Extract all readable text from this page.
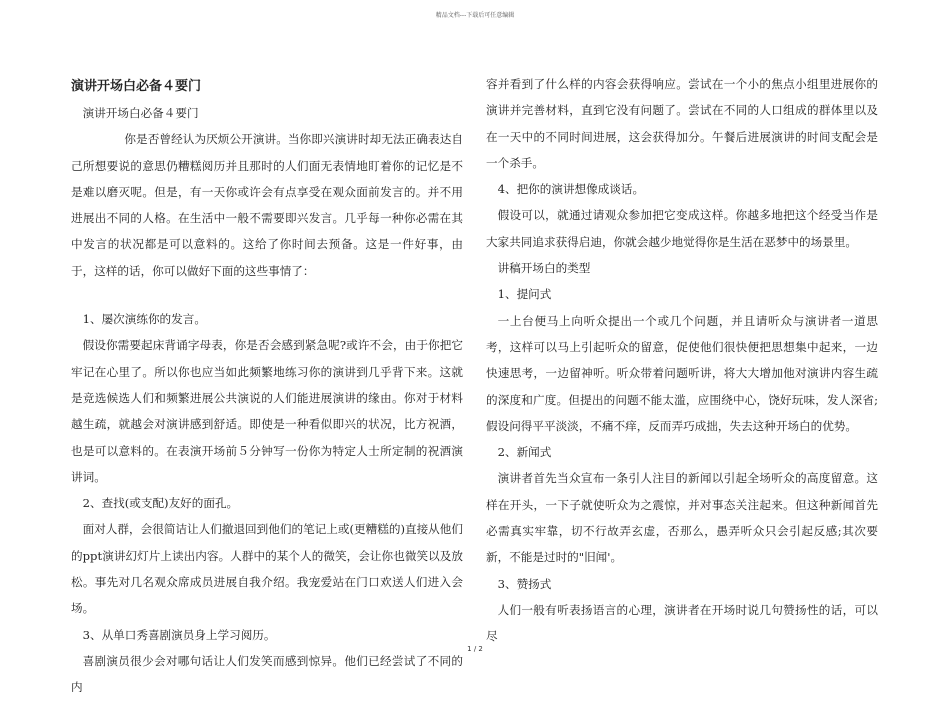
精品文档---下载后可任意编辑

演讲开场白必备４要门

演讲开场白必备４要门

你是否曾经认为厌烦公开演讲。当你即兴演讲时却无法正确表达自己所想要说的意思仍糟糕阅历并且那时的人们面无表情地盯着你的记忆是不是难以磨灭呢。但是，有一天你或许会有点享受在观众面前发言的。并不用进展出不同的人格。在生活中一般不需要即兴发言。几乎每一种你必需在其中发言的状况都是可以意料的。这给了你时间去预备。这是一件好事，由于，这样的话，你可以做好下面的这些事情了：

1、屡次演练你的发言。

假设你需要起床背诵字母表，你是否会感到紧急呢?或许不会，由于你把它牢记在心里了。所以你也应当如此频繁地练习你的演讲到几乎背下来。这就是竞选候选人们和频繁进展公共演说的人们能进展演讲的缘由。你对于材料越生疏，就越会对演讲感到舒适。即使是一种看似即兴的状况，比方祝酒，也是可以意料的。在表演开场前５分钟写一份你为特定人士所定制的祝酒演讲词。

2、查找(或支配)友好的面孔。

面对人群，会很简诘让人们撤退回到他们的笔记上或(更糟糕的)直接从他们的ppt演讲幻灯片上读出内容。人群中的某个人的微笑，会让你也微笑以及放松。事先对几名观众席成员进展自我介绍。我宠爱站在门口欢送人们进入会场。

3、从单口秀喜剧演员身上学习阅历。

喜剧演员很少会对哪句话让人们发笑而感到惊异。他们已经尝试了不同的内

容并看到了什么样的内容会获得响应。尝试在一个小的焦点小组里进展你的演讲并完善材料，直到它没有问题了。尝试在不同的人口组成的群体里以及在一天中的不同时间进展，这会获得加分。午餐后进展演讲的时间支配会是一个杀手。

4、把你的演讲想像成谈话。

假设可以，就通过请观众参加把它变成这样。你越多地把这个经受当作是大家共同追求获得启迪，你就会越少地觉得你是生活在恶梦中的场景里。

讲稿开场白的类型

1、提问式

一上台便马上向听众提出一个或几个问题，并且请听众与演讲者一道思考，这样可以马上引起听众的留意，促使他们很快便把思想集中起来，一边快速思考，一边留神听。听众带着问题听讲，将大大增加他对演讲内容生疏的深度和广度。但提出的问题不能太滥，应围绕中心，饶好玩味，发人深省;假设问得平平淡淡，不痛不痒，反而弄巧成拙，失去这种开场白的优势。

2、新闻式

演讲者首先当众宣布一条引人注目的新闻以引起全场听众的高度留意。这样在开头，一下子就使听众为之震惊，并对事态关注起来。但这种新闻首先必需真实牢靠，切不行故弄玄虚，否那么，愚弄听众只会引起反感;其次要新，不能是过时的"旧闻'。

3、赞扬式

人们一般有听表扬语言的心理，演讲者在开场时说几句赞扬性的话，可以尽

1 / 2
